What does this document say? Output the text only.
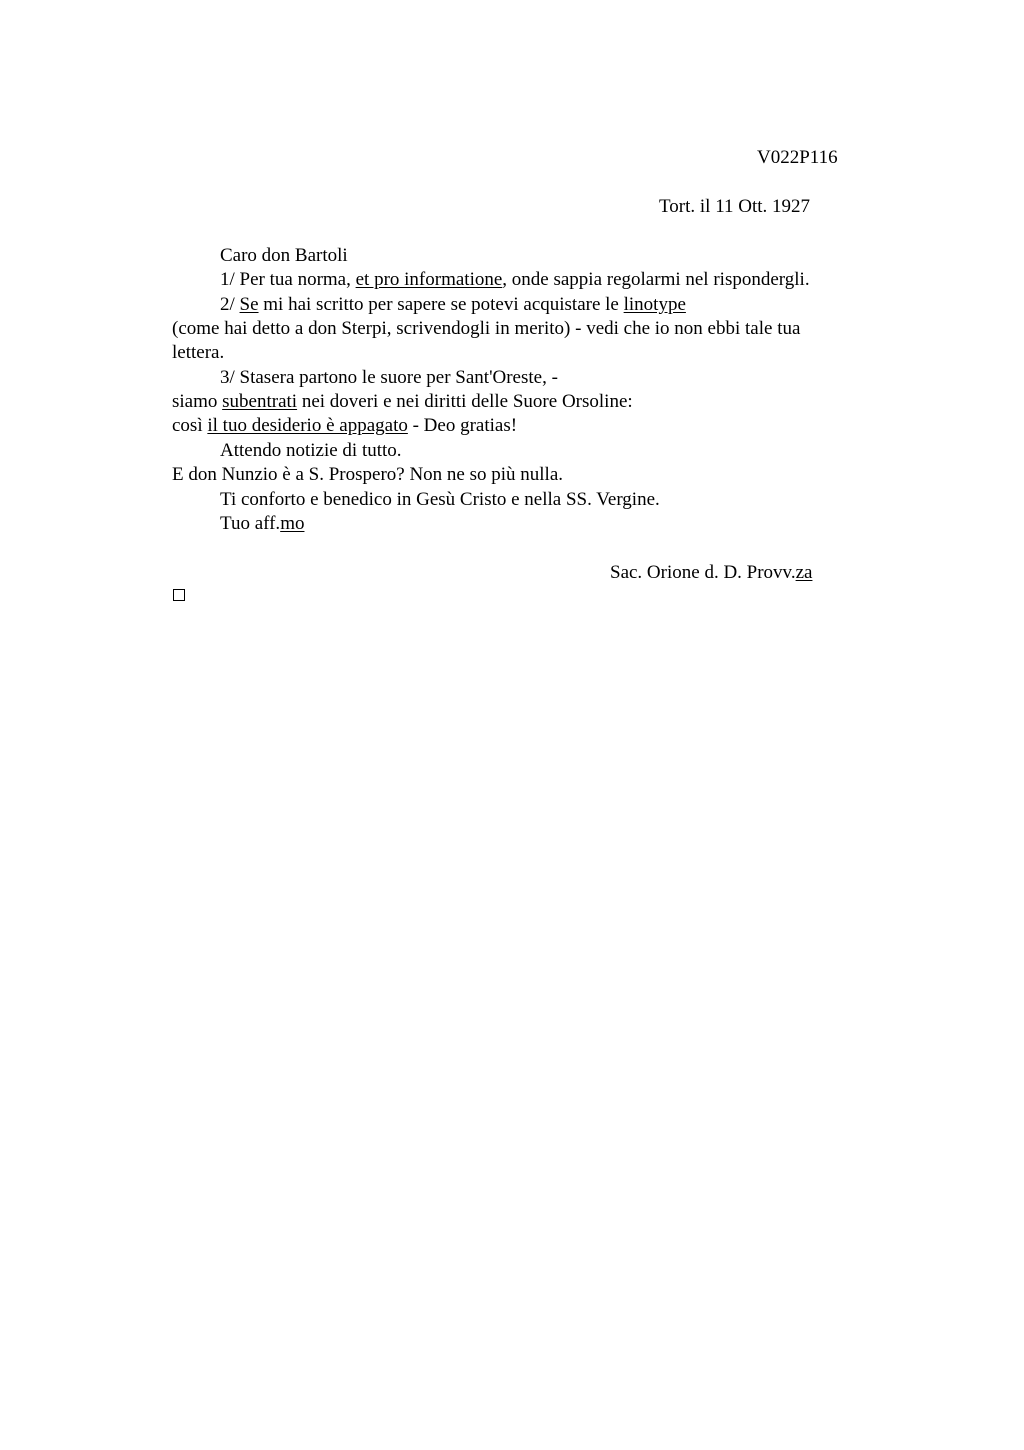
V022P116
Tort. il 11 Ott. 1927
Caro don Bartoli
1/ Per tua norma, et pro informatione, onde sappia regolarmi nel rispondergli.
2/ Se mi hai scritto per sapere se potevi acquistare le linotype
(come hai detto a don Sterpi, scrivendogli in merito) - vedi che io non ebbi tale tua
lettera.
3/ Stasera partono le suore per Sant'Oreste, -
siamo subentrati nei doveri e nei diritti delle Suore Orsoline:
così il tuo desiderio è appagato - Deo gratias!
Attendo notizie di tutto.
E don Nunzio è a S. Prospero? Non ne so più nulla.
Ti conforto e benedico in Gesù Cristo e nella SS. Vergine.
Tuo aff.mo
Sac. Orione d. D. Provv.za
